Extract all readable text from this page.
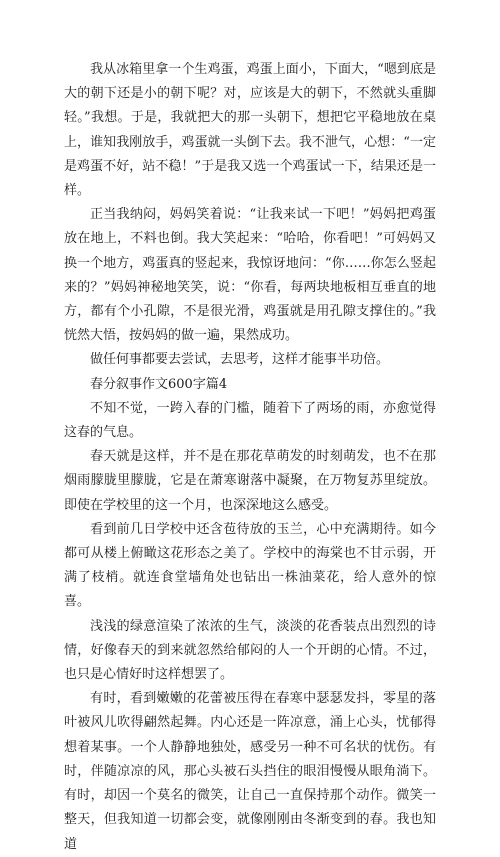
我从冰箱里拿一个生鸡蛋，鸡蛋上面小，下面大，“嗯到底是大的朝下还是小的朝下呢？对，应该是大的朝下，不然就头重脚轻。”我想。于是，我就把大的那一头朝下，想把它平稳地放在桌上，谁知我刚放手，鸡蛋就一头倒下去。我不泄气，心想：“一定是鸡蛋不好，站不稳！”于是我又选一个鸡蛋试一下，结果还是一样。

正当我纳闷，妈妈笑着说：“让我来试一下吧！”妈妈把鸡蛋放在地上，不料也倒。我大笑起来：“哈哈，你看吧！”可妈妈又换一个地方，鸡蛋真的竖起来，我惊讶地问：“你……你怎么竖起来的？”妈妈神秘地笑笑，说：“你看，每两块地板相互垂直的地方，都有个小孔隙，不是很光滑，鸡蛋就是用孔隙支撑住的。”我恍然大悟，按妈妈的做一遍，果然成功。

做任何事都要去尝试，去思考，这样才能事半功倍。

春分叙事作文600字篇4

不知不觉，一跨入春的门槛，随着下了两场的雨，亦愈觉得这春的气息。

春天就是这样，并不是在那花草萌发的时刻萌发，也不在那烟雨朦胧里朦胧，它是在萧寒谢落中凝聚，在万物复苏里绽放。即使在学校里的这一个月，也深深地这么感受。

看到前几日学校中还含苞待放的玉兰，心中充满期待。如今都可从楼上俯瞰这花形态之美了。学校中的海棠也不甘示弱，开满了枝梢。就连食堂墙角处也钻出一株油菜花，给人意外的惊喜。

浅浅的绿意渲染了浓浓的生气，淡淡的花香装点出烈烈的诗情，好像春天的到来就忽然给郁闷的人一个开朗的心情。不过，也只是心情好时这样想罢了。

有时，看到嫩嫩的花蕾被压得在春寒中瑟瑟发抖，零星的落叶被风儿吹得翩然起舞。内心还是一阵凉意，涌上心头，忧郁得想着某事。一个人静静地独处，感受另一种不可名状的忧伤。有时，伴随凉凉的风，那心头被石头挡住的眼泪慢慢从眼角淌下。有时，却因一个莫名的微笑，让自己一直保持那个动作。微笑一整天，但我知道一切都会变，就像刚刚由冬渐变到的春。我也知道
